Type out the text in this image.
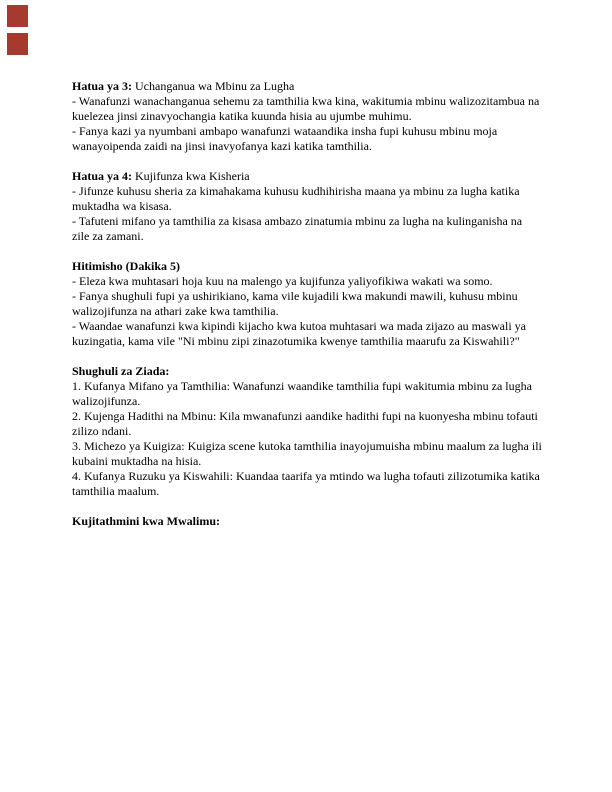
Hatua ya 3: Uchanganua wa Mbinu za Lugha

- Wanafunzi wanachanganua sehemu za tamthilia kwa kina, wakitumia mbinu walizozitambua na kuelezea jinsi zinavyochangia katika kuunda hisia au ujumbe muhimu.

- Fanya kazi ya nyumbani ambapo wanafunzi wataandika insha fupi kuhusu mbinu moja wanayoipenda zaidi na jinsi inavyofanya kazi katika tamthilia.

Hatua ya 4: Kujifunza kwa Kisheria

- Jifunze kuhusu sheria za kimahakama kuhusu kudhihirisha maana ya mbinu za lugha katika muktadha wa kisasa.

- Tafuteni mifano ya tamthilia za kisasa ambazo zinatumia mbinu za lugha na kulinganisha na zile za zamani.

Hitimisho (Dakika 5)

- Eleza kwa muhtasari hoja kuu na malengo ya kujifunza yaliyofikiwa wakati wa somo.

- Fanya shughuli fupi ya ushirikiano, kama vile kujadili kwa makundi mawili, kuhusu mbinu walizojifunza na athari zake kwa tamthilia.

- Waandae wanafunzi kwa kipindi kijacho kwa kutoa muhtasari wa mada zijazo au maswali ya kuzingatia, kama vile "Ni mbinu zipi zinazotumika kwenye tamthilia maarufu za Kiswahili?"

Shughuli za Ziada:

1. Kufanya Mifano ya Tamthilia: Wanafunzi waandike tamthilia fupi wakitumia mbinu za lugha walizojifunza.

2. Kujenga Hadithi na Mbinu: Kila mwanafunzi aandike hadithi fupi na kuonyesha mbinu tofauti zilizo ndani.

3. Michezo ya Kuigiza: Kuigiza scene kutoka tamthilia inayojumuisha mbinu maalum za lugha ili kubaini muktadha na hisia.

4. Kufanya Ruzuku ya Kiswahili: Kuandaa taarifa ya mtindo wa lugha tofauti zilizotumika katika tamthilia maalum.

Kujitathmini kwa Mwalimu:
